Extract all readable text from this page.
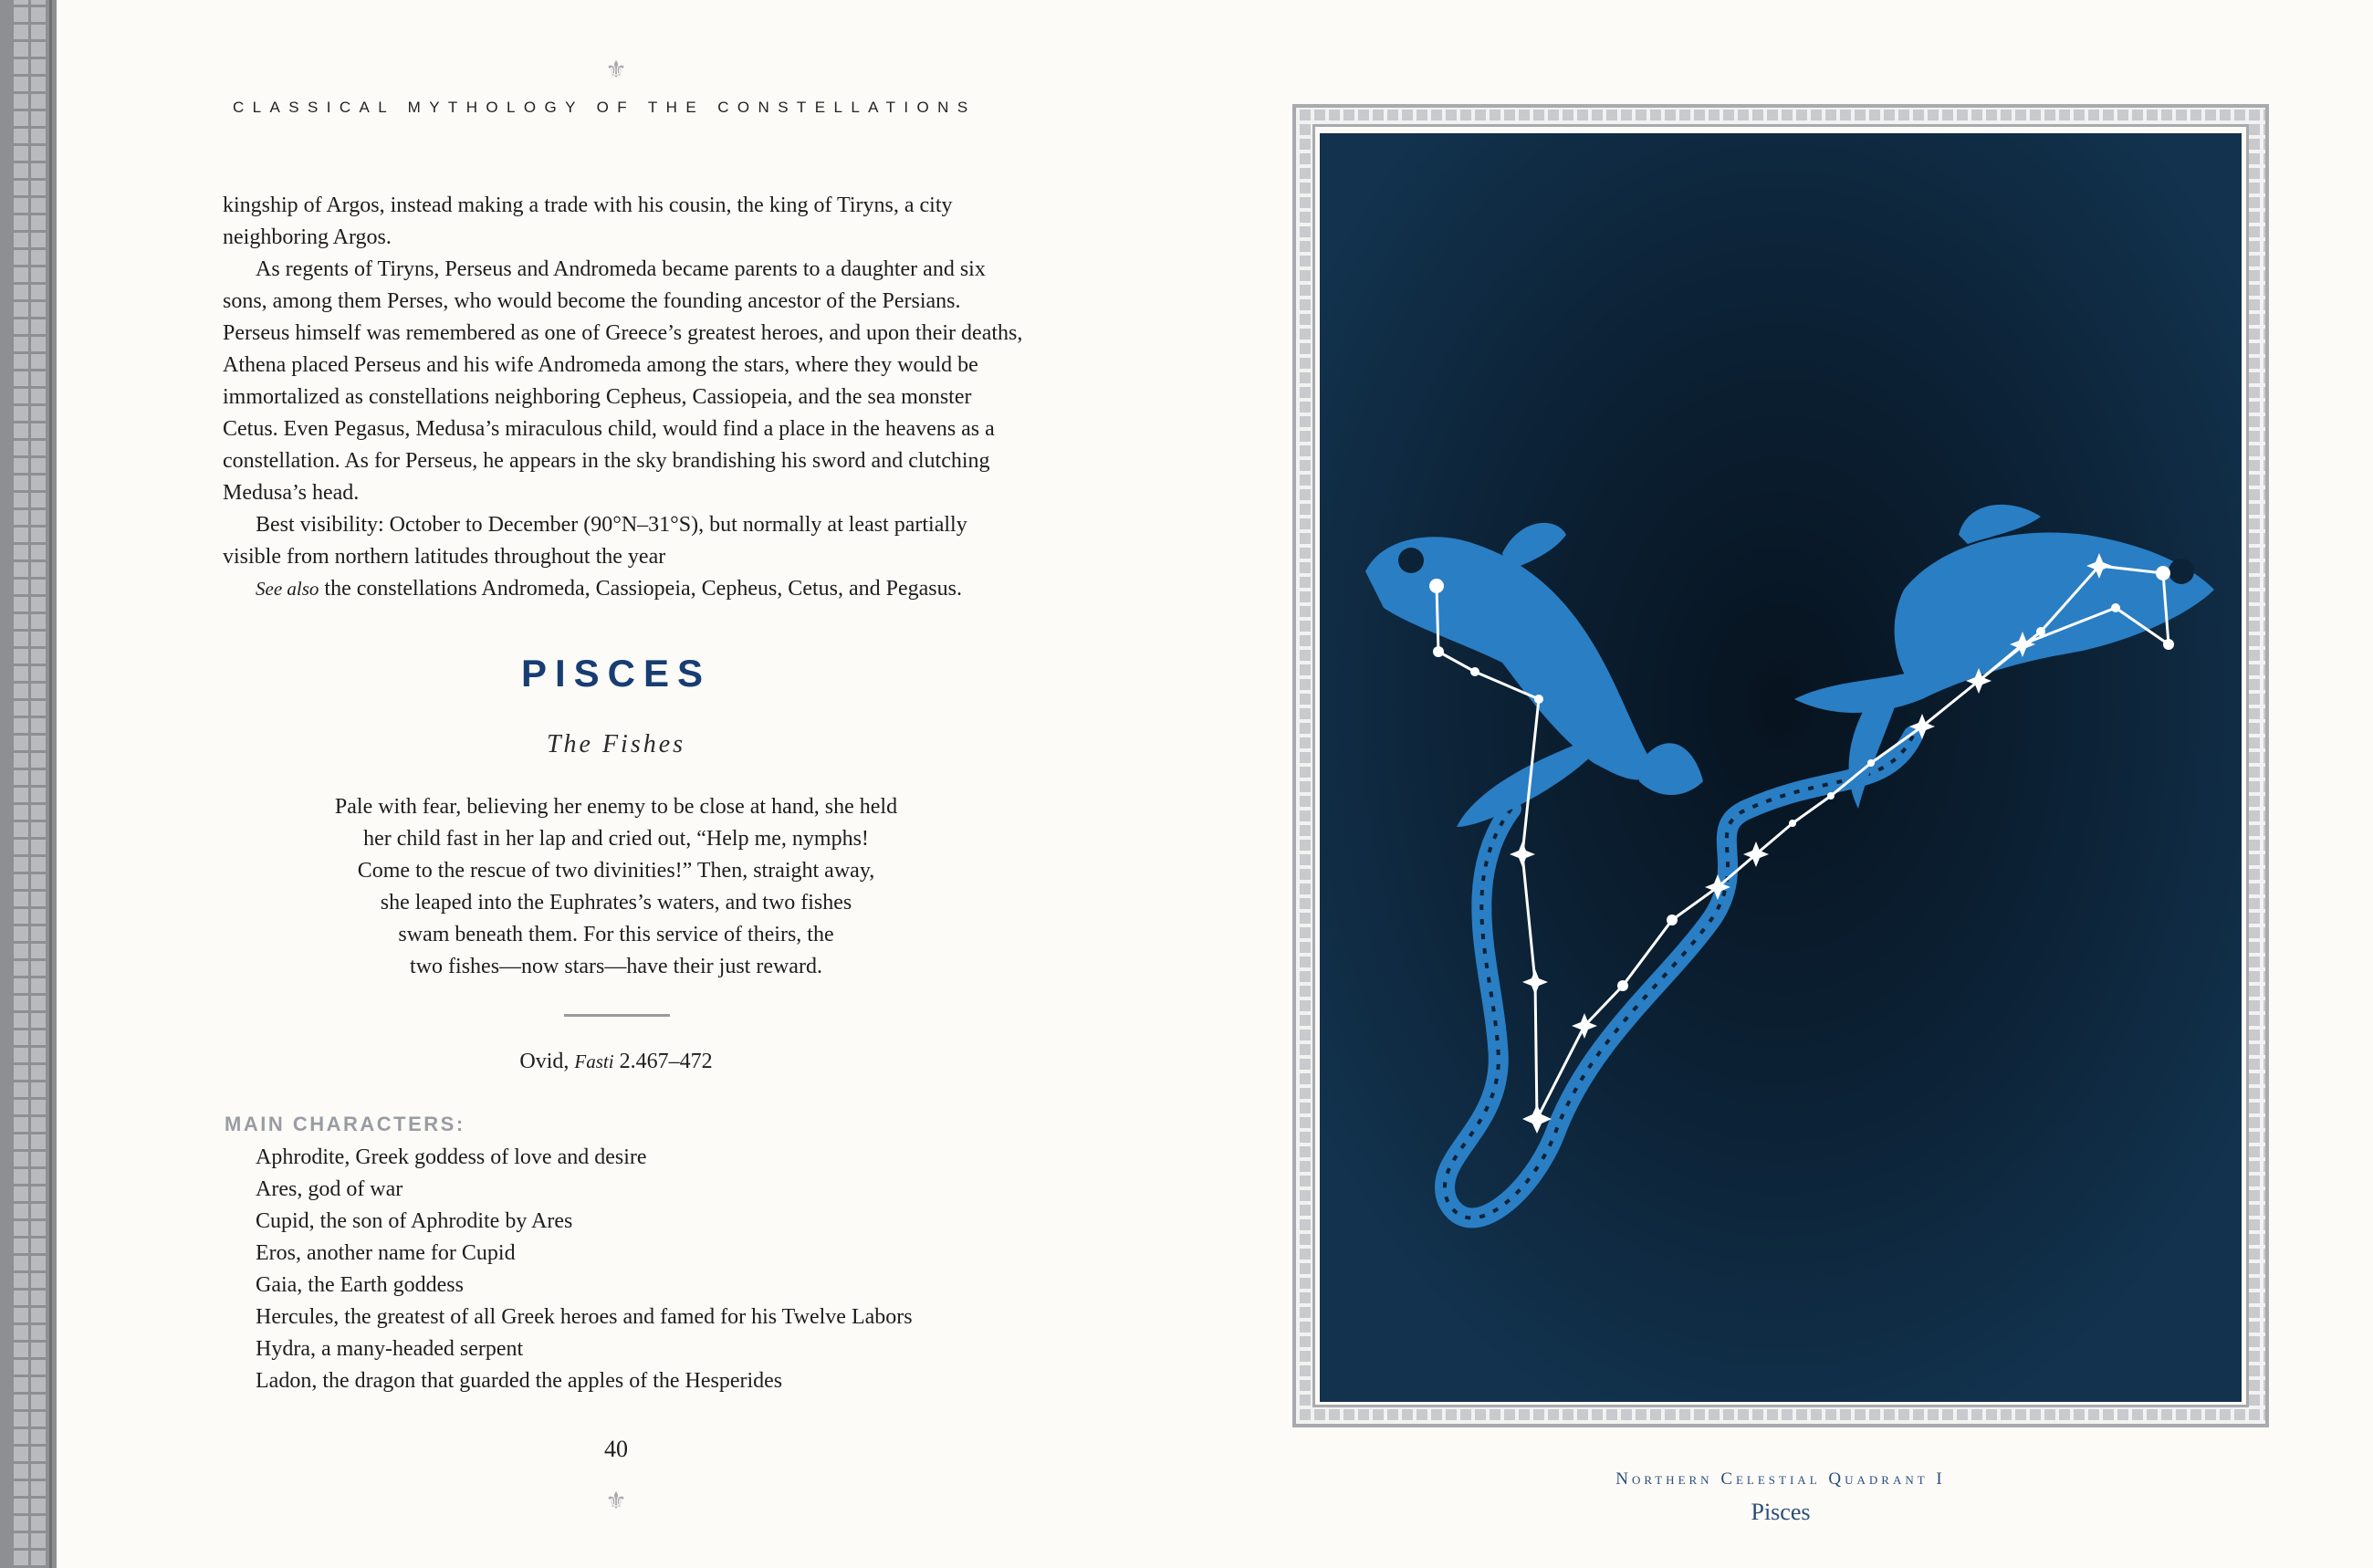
⚜
CLASSICAL MYTHOLOGY OF THE CONSTELLATIONS

kingship of Argos, instead making a trade with his cousin, the king of Tiryns, a city neighboring Argos.

As regents of Tiryns, Perseus and Andromeda became parents to a daughter and six sons, among them Perses, who would become the founding ancestor of the Persians. Perseus himself was remembered as one of Greece’s greatest heroes, and upon their deaths, Athena placed Perseus and his wife Andromeda among the stars, where they would be immortalized as constellations neighboring Cepheus, Cassiopeia, and the sea monster Cetus. Even Pegasus, Medusa’s miraculous child, would find a place in the heavens as a constellation. As for Perseus, he appears in the sky brandishing his sword and clutching Medusa’s head.

Best visibility: October to December (90°N–31°S), but normally at least partially visible from northern latitudes throughout the year

See also the constellations Andromeda, Cassiopeia, Cepheus, Cetus, and Pegasus.

PISCES
The Fishes
Pale with fear, believing her enemy to be close at hand, she held
her child fast in her lap and cried out, “Help me, nymphs!
Come to the rescue of two divinities!” Then, straight away,
she leaped into the Euphrates’s waters, and two fishes
swam beneath them. For this service of theirs, the
two fishes—now stars—have their just reward.
Ovid, Fasti 2.467–472
MAIN CHARACTERS:
Aphrodite, Greek goddess of love and desire
Ares, god of war
Cupid, the son of Aphrodite by Ares
Eros, another name for Cupid
Gaia, the Earth goddess
Hercules, the greatest of all Greek heroes and famed for his Twelve Labors
Hydra, a many-headed serpent
Ladon, the dragon that guarded the apples of the Hesperides
40
⚜
Northern Celestial Quadrant I
Pisces
